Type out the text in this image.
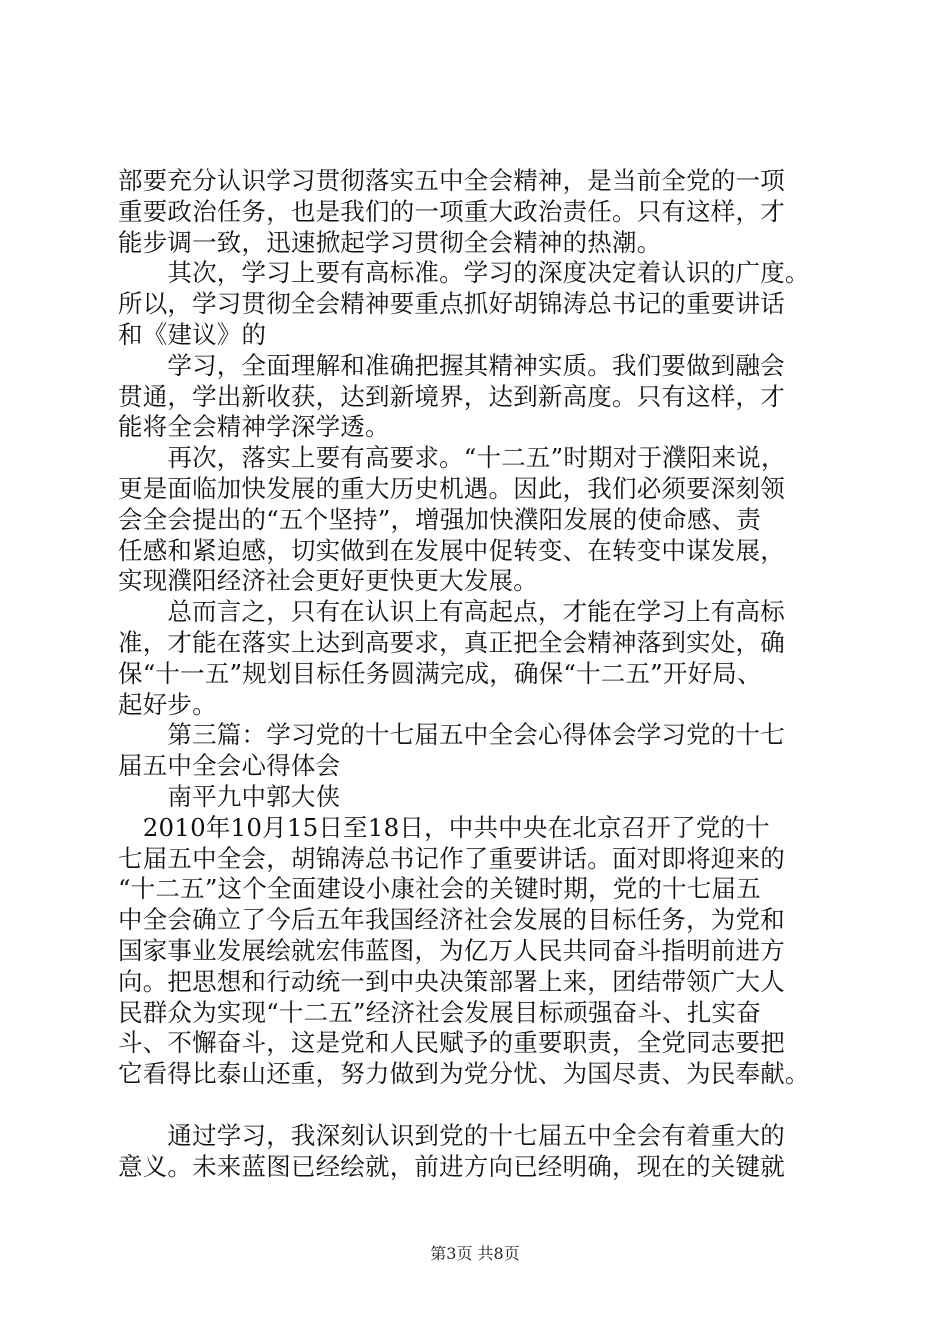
部要充分认识学习贯彻落实五中全会精神，是当前全党的一项
重要政治任务，也是我们的一项重大政治责任。只有这样，才
能步调一致，迅速掀起学习贯彻全会精神的热潮。
　　其次，学习上要有高标准。学习的深度决定着认识的广度。
所以，学习贯彻全会精神要重点抓好胡锦涛总书记的重要讲话
和《建议》的
　　学习，全面理解和准确把握其精神实质。我们要做到融会
贯通，学出新收获，达到新境界，达到新高度。只有这样，才
能将全会精神学深学透。
　　再次，落实上要有高要求。“十二五”时期对于濮阳来说，
更是面临加快发展的重大历史机遇。因此，我们必须要深刻领
会全会提出的“五个坚持”，增强加快濮阳发展的使命感、责
任感和紧迫感，切实做到在发展中促转变、在转变中谋发展，
实现濮阳经济社会更好更快更大发展。
　　总而言之，只有在认识上有高起点，才能在学习上有高标
准，才能在落实上达到高要求，真正把全会精神落到实处，确
保“十一五”规划目标任务圆满完成，确保“十二五”开好局、
起好步。
　　第三篇：学习党的十七届五中全会心得体会学习党的十七
届五中全会心得体会
　　南平九中郭大侠
　2010年10月15日至18日，中共中央在北京召开了党的十
七届五中全会，胡锦涛总书记作了重要讲话。面对即将迎来的
“十二五”这个全面建设小康社会的关键时期，党的十七届五
中全会确立了今后五年我国经济社会发展的目标任务，为党和
国家事业发展绘就宏伟蓝图，为亿万人民共同奋斗指明前进方
向。把思想和行动统一到中央决策部署上来，团结带领广大人
民群众为实现“十二五”经济社会发展目标顽强奋斗、扎实奋
斗、不懈奋斗，这是党和人民赋予的重要职责，全党同志要把
它看得比泰山还重，努力做到为党分忧、为国尽责、为民奉献。
　　通过学习，我深刻认识到党的十七届五中全会有着重大的
意义。未来蓝图已经绘就，前进方向已经明确，现在的关键就
第3页 共8页
